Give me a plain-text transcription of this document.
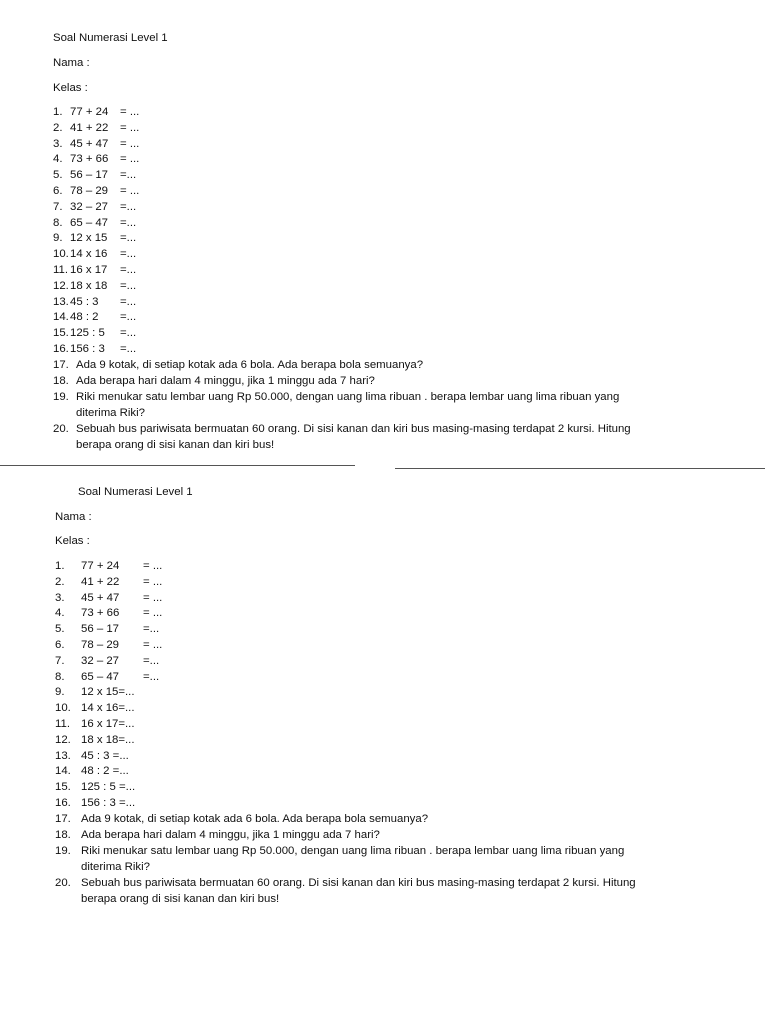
Soal Numerasi Level 1
Nama :
Kelas :
1. 77 + 24 = ...
2. 41 + 22 = ...
3. 45 + 47 = ...
4. 73 + 66 = ...
5. 56 – 17 =...
6. 78 – 29 = ...
7. 32 – 27 =...
8. 65 – 47 =...
9. 12 x 15 =...
10. 14 x 16 =...
11. 16 x 17 =...
12. 18 x 18 =...
13. 45 : 3 =...
14. 48 : 2 =...
15. 125 : 5 =...
16. 156 : 3 =...
17. Ada 9 kotak, di setiap kotak ada 6 bola. Ada berapa bola semuanya?
18. Ada berapa hari dalam 4 minggu, jika 1 minggu ada 7 hari?
19. Riki menukar satu lembar uang Rp 50.000, dengan uang lima ribuan . berapa lembar uang lima ribuan yang
diterima Riki?
20. Sebuah bus pariwisata bermuatan 60 orang. Di sisi kanan dan kiri bus masing-masing terdapat 2 kursi. Hitung
berapa orang di sisi kanan dan kiri bus!
Soal Numerasi Level 1
Nama :
Kelas :
1. 77 + 24 = ...
2. 41 + 22 = ...
3. 45 + 47 = ...
4. 73 + 66 = ...
5. 56 – 17 =...
6. 78 – 29 = ...
7. 32 – 27 =...
8. 65 – 47 =...
9. 12 x 15=...
10. 14 x 16=...
11. 16 x 17=...
12. 18 x 18=...
13. 45 : 3 =...
14. 48 : 2 =...
15. 125 : 5 =...
16. 156 : 3 =...
17. Ada 9 kotak, di setiap kotak ada 6 bola. Ada berapa bola semuanya?
18. Ada berapa hari dalam 4 minggu, jika 1 minggu ada 7 hari?
19. Riki menukar satu lembar uang Rp 50.000, dengan uang lima ribuan . berapa lembar uang lima ribuan yang
diterima Riki?
20. Sebuah bus pariwisata bermuatan 60 orang. Di sisi kanan dan kiri bus masing-masing terdapat 2 kursi. Hitung
berapa orang di sisi kanan dan kiri bus!
